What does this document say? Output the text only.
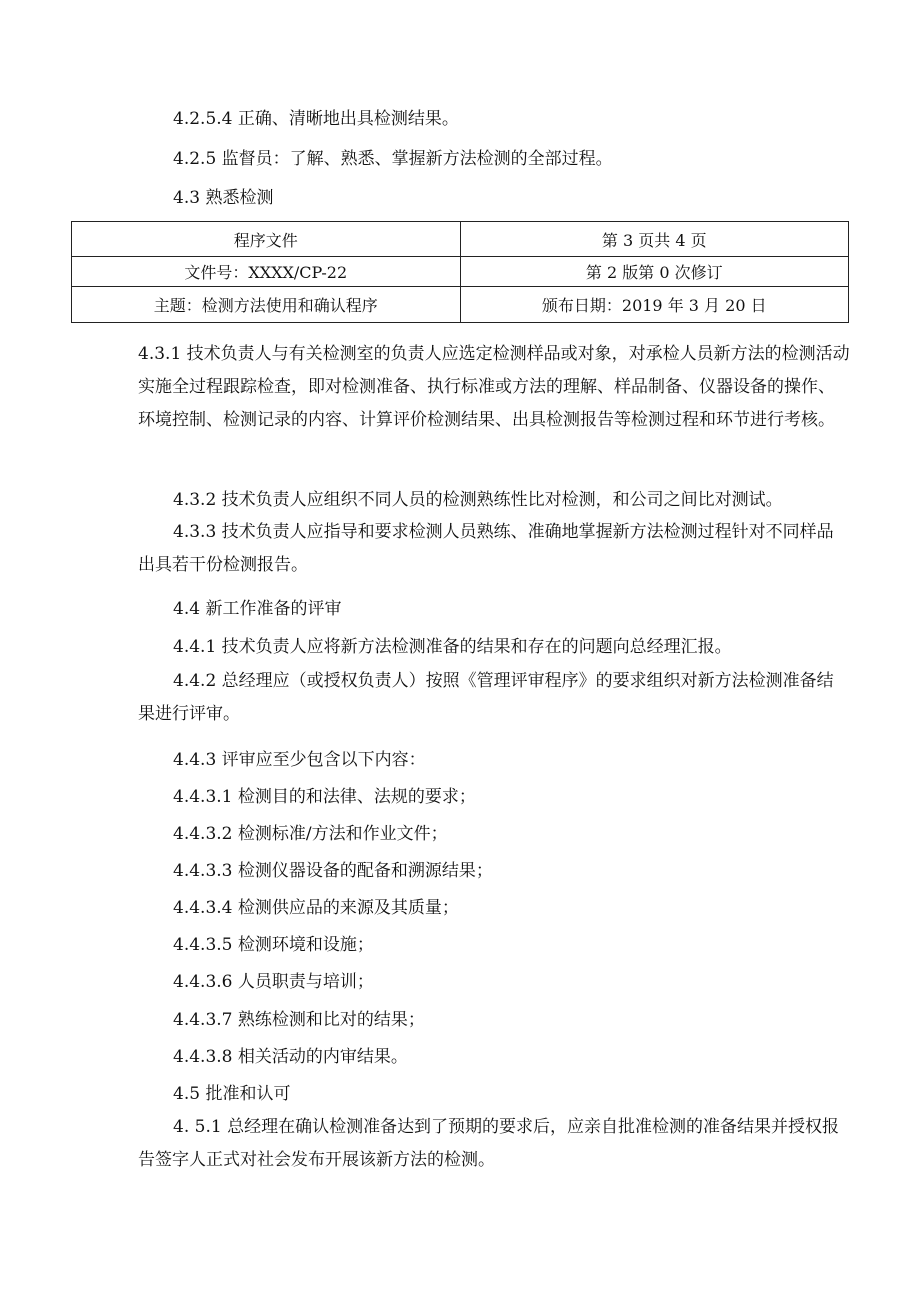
4.2.5.4 正确、清晰地出具检测结果。
4.2.5 监督员：了解、熟悉、掌握新方法检测的全部过程。
4.3 熟悉检测
程序文件	第 3 页共 4 页
文件号：XXXX/CP-22	第 2 版第 0 次修订
主题：检测方法使用和确认程序	颁布日期：2019 年 3 月 20 日
4.3.1 技术负责人与有关检测室的负责人应选定检测样品或对象，对承检人员新方法的检测活动实施全过程跟踪检查，即对检测准备、执行标准或方法的理解、样品制备、仪器设备的操作、环境控制、检测记录的内容、计算评价检测结果、出具检测报告等检测过程和环节进行考核。
4.3.2 技术负责人应组织不同人员的检测熟练性比对检测，和公司之间比对测试。
4.3.3 技术负责人应指导和要求检测人员熟练、准确地掌握新方法检测过程针对不同样品出具若干份检测报告。
4.4 新工作准备的评审
4.4.1 技术负责人应将新方法检测准备的结果和存在的问题向总经理汇报。
4.4.2 总经理应（或授权负责人）按照《管理评审程序》的要求组织对新方法检测准备结果进行评审。
4.4.3 评审应至少包含以下内容：
4.4.3.1 检测目的和法律、法规的要求；
4.4.3.2 检测标准/方法和作业文件；
4.4.3.3 检测仪器设备的配备和溯源结果；
4.4.3.4 检测供应品的来源及其质量；
4.4.3.5 检测环境和设施；
4.4.3.6 人员职责与培训；
4.4.3.7 熟练检测和比对的结果；
4.4.3.8 相关活动的内审结果。
4.5 批准和认可
4. 5.1 总经理在确认检测准备达到了预期的要求后，应亲自批准检测的准备结果并授权报告签字人正式对社会发布开展该新方法的检测。
